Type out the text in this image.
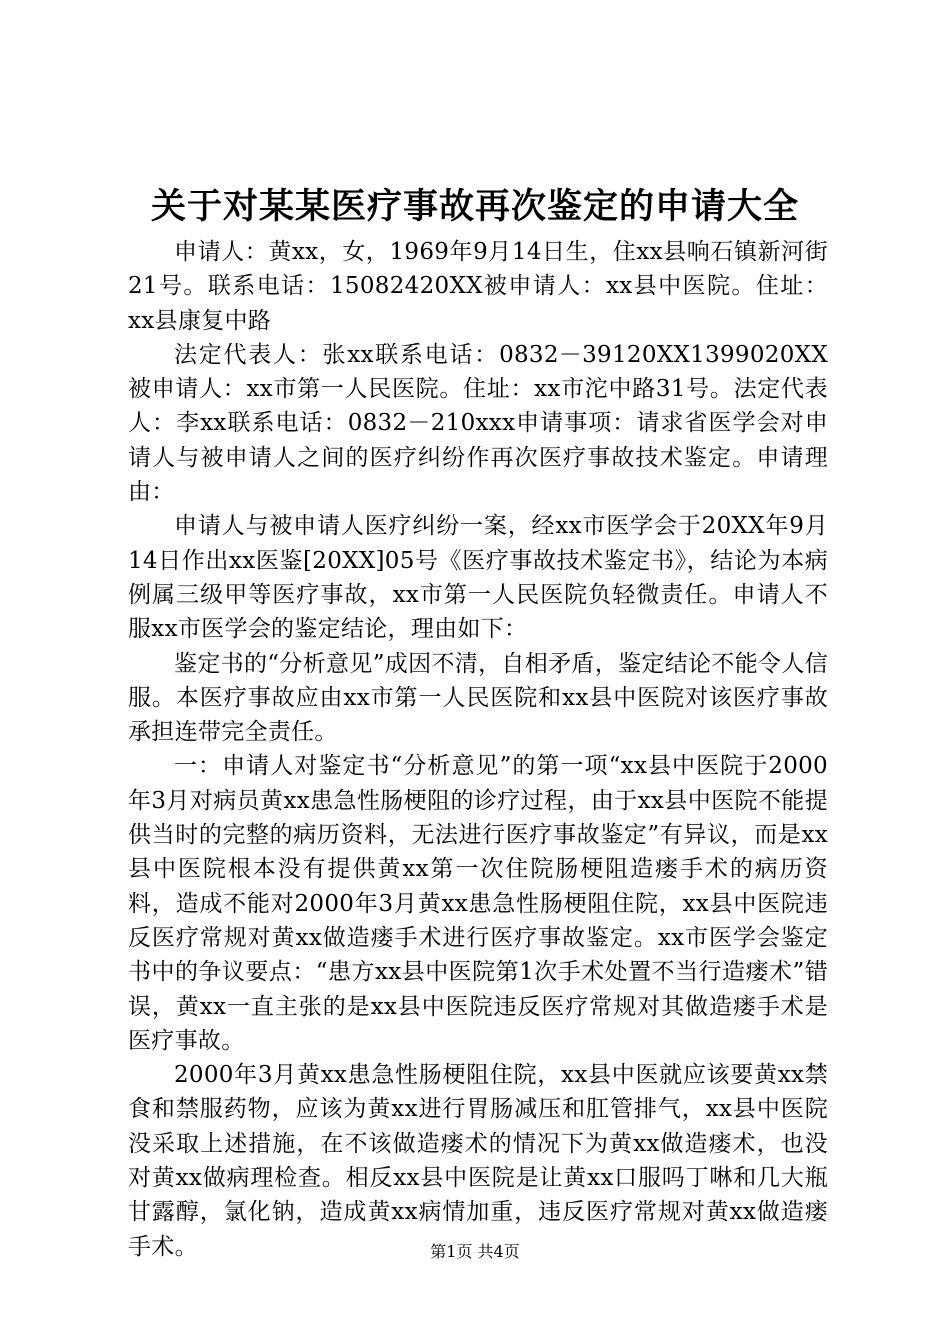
关于对某某医疗事故再次鉴定的申请大全

申请人：黄xx，女，1969年9月14日生，住xx县响石镇新河街21号。联系电话：15082420XX被申请人：xx县中医院。住址：xx县康复中路

法定代表人：张xx联系电话：0832－39120XX1399020XX被申请人：xx市第一人民医院。住址：xx市沱中路31号。法定代表人：李xx联系电话：0832－210xxx申请事项：请求省医学会对申请人与被申请人之间的医疗纠纷作再次医疗事故技术鉴定。申请理由：

申请人与被申请人医疗纠纷一案，经xx市医学会于20XX年9月14日作出xx医鉴[20XX]05号《医疗事故技术鉴定书》，结论为本病例属三级甲等医疗事故，xx市第一人民医院负轻微责任。申请人不服xx市医学会的鉴定结论，理由如下：

鉴定书的“分析意见”成因不清，自相矛盾，鉴定结论不能令人信服。本医疗事故应由xx市第一人民医院和xx县中医院对该医疗事故承担连带完全责任。

一：申请人对鉴定书“分析意见”的第一项“xx县中医院于2000年3月对病员黄xx患急性肠梗阻的诊疗过程，由于xx县中医院不能提供当时的完整的病历资料，无法进行医疗事故鉴定”有异议，而是xx县中医院根本没有提供黄xx第一次住院肠梗阻造瘘手术的病历资料，造成不能对2000年3月黄xx患急性肠梗阻住院，xx县中医院违反医疗常规对黄xx做造瘘手术进行医疗事故鉴定。xx市医学会鉴定书中的争议要点：“患方xx县中医院第1次手术处置不当行造瘘术”错误，黄xx一直主张的是xx县中医院违反医疗常规对其做造瘘手术是医疗事故。

2000年3月黄xx患急性肠梗阻住院，xx县中医就应该要黄xx禁食和禁服药物，应该为黄xx进行胃肠减压和肛管排气，xx县中医院没采取上述措施，在不该做造瘘术的情况下为黄xx做造瘘术，也没对黄xx做病理检查。相反xx县中医院是让黄xx口服吗丁啉和几大瓶甘露醇，氯化钠，造成黄xx病情加重，违反医疗常规对黄xx做造瘘手术。	第1页 共4页
